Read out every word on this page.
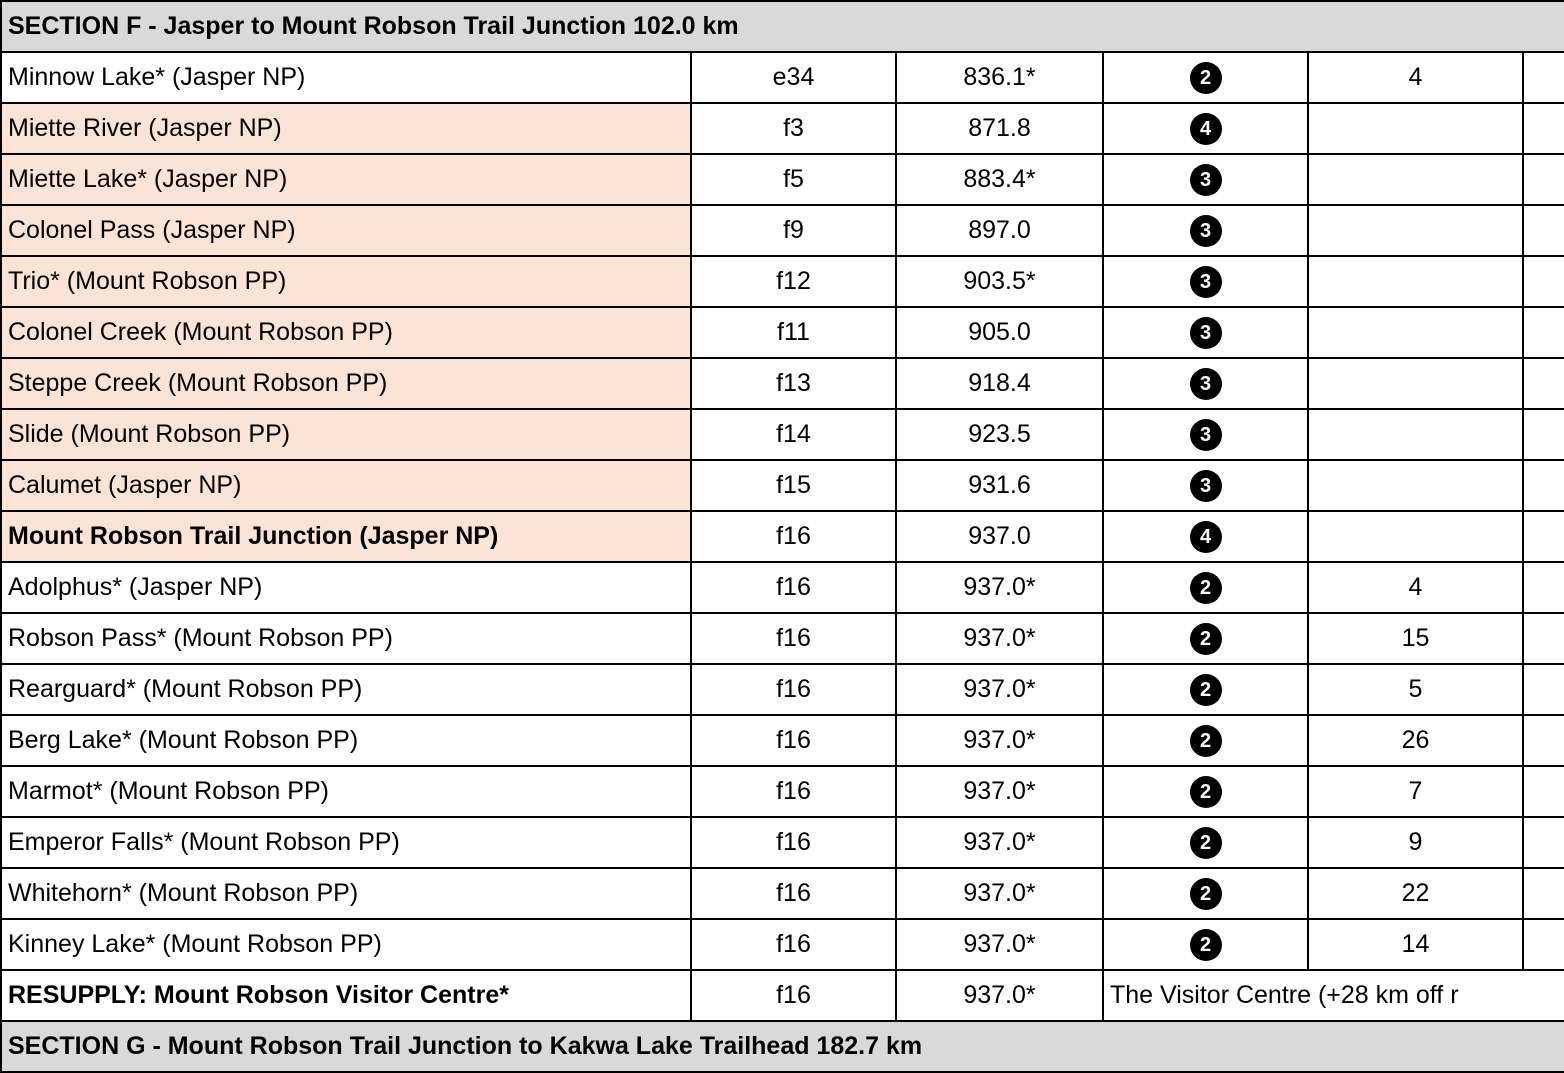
SECTION F - Jasper to Mount Robson Trail Junction 102.0 km					
Minnow Lake* (Jasper NP)	e34	836.1*	2	4	
Miette River (Jasper NP)	f3	871.8	4		
Miette Lake* (Jasper NP)	f5	883.4*	3		
Colonel Pass (Jasper NP)	f9	897.0	3		
Trio* (Mount Robson PP)	f12	903.5*	3		
Colonel Creek (Mount Robson PP)	f11	905.0	3		
Steppe Creek (Mount Robson PP)	f13	918.4	3		
Slide (Mount Robson PP)	f14	923.5	3		
Calumet (Jasper NP)	f15	931.6	3		
Mount Robson Trail Junction (Jasper NP)	f16	937.0	4		
Adolphus* (Jasper NP)	f16	937.0*	2	4	
Robson Pass* (Mount Robson PP)	f16	937.0*	2	15	
Rearguard* (Mount Robson PP)	f16	937.0*	2	5	
Berg Lake* (Mount Robson PP)	f16	937.0*	2	26	
Marmot* (Mount Robson PP)	f16	937.0*	2	7	
Emperor Falls* (Mount Robson PP)	f16	937.0*	2	9	
Whitehorn* (Mount Robson PP)	f16	937.0*	2	22	
Kinney Lake* (Mount Robson PP)	f16	937.0*	2	14	
RESUPPLY: Mount Robson Visitor Centre*	f16	937.0*	The Visitor Centre (+28 km off r		
SECTION G - Mount Robson Trail Junction to Kakwa Lake Trailhead 182.7 km					
